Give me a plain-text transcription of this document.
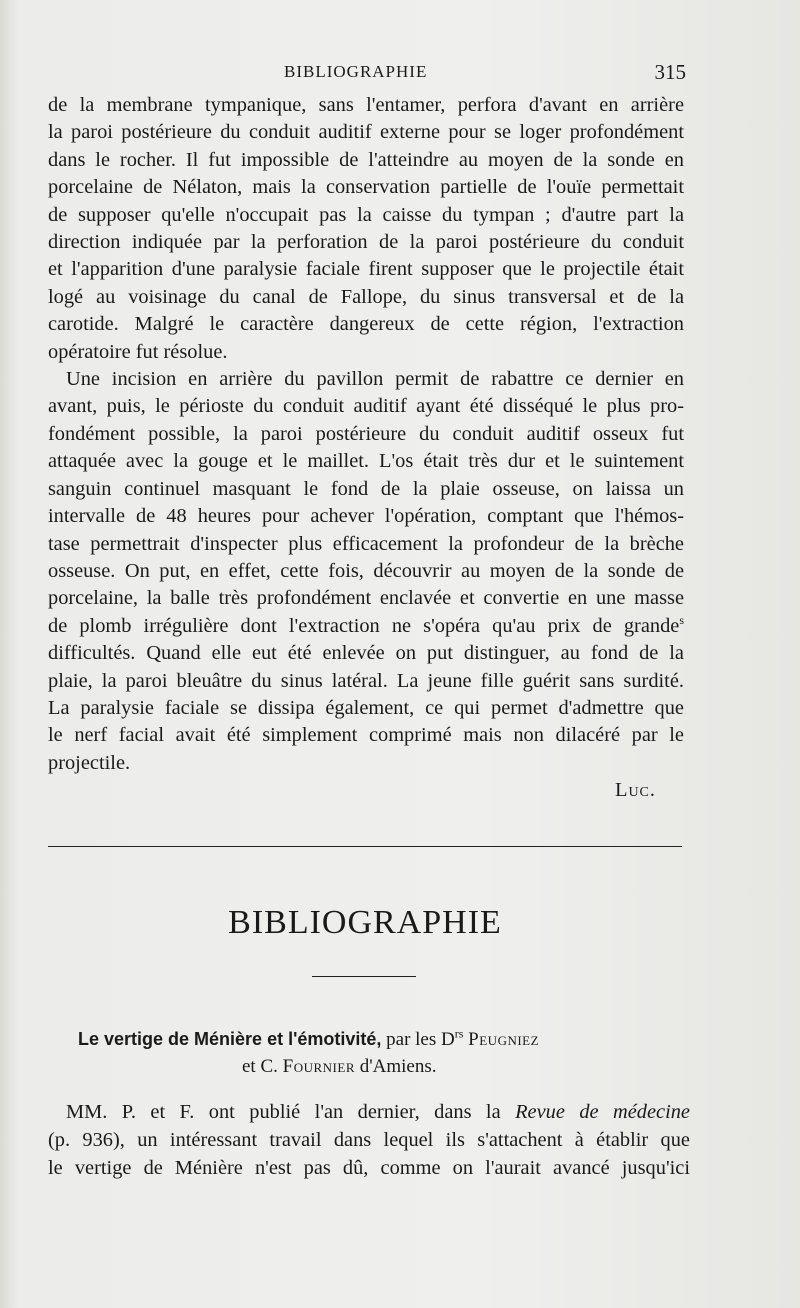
BIBLIOGRAPHIE	315
de la membrane tympanique, sans l'entamer, perfora d'avant en arrière
la paroi postérieure du conduit auditif externe pour se loger profondément
dans le rocher. Il fut impossible de l'atteindre au moyen de la sonde en
porcelaine de Nélaton, mais la conservation partielle de l'ouïe permettait
de supposer qu'elle n'occupait pas la caisse du tympan ; d'autre part la
direction indiquée par la perforation de la paroi postérieure du conduit
et l'apparition d'une paralysie faciale firent supposer que le projectile était
logé au voisinage du canal de Fallope, du sinus transversal et de la
carotide. Malgré le caractère dangereux de cette région, l'extraction
opératoire fut résolue.
Une incision en arrière du pavillon permit de rabattre ce dernier en
avant, puis, le périoste du conduit auditif ayant été disséqué le plus pro-
fondément possible, la paroi postérieure du conduit auditif osseux fut
attaquée avec la gouge et le maillet. L'os était très dur et le suintement
sanguin continuel masquant le fond de la plaie osseuse, on laissa un
intervalle de 48 heures pour achever l'opération, comptant que l'hémos-
tase permettrait d'inspecter plus efficacement la profondeur de la brèche
osseuse. On put, en effet, cette fois, découvrir au moyen de la sonde de
porcelaine, la balle très profondément enclavée et convertie en une masse
de plomb irrégulière dont l'extraction ne s'opéra qu'au prix de grande$^s$
difficultés. Quand elle eut été enlevée on put distinguer, au fond de la
plaie, la paroi bleuâtre du sinus latéral. La jeune fille guérit sans surdité.
La paralysie faciale se dissipa également, ce qui permet d'admettre que
le nerf facial avait été simplement comprimé mais non dilacéré par le
projectile.
Luc.
BIBLIOGRAPHIE
Le vertige de Ménière et l'émotivité, par les $D^{rs}$ Peugniez
et C. Fournier d'Amiens.
MM. P. et F. ont publié l'an dernier, dans la Revue de médecine
(p. 936), un intéressant travail dans lequel ils s'attachent à établir que
le vertige de Ménière n'est pas dû, comme on l'aurait avancé jusqu'ici
